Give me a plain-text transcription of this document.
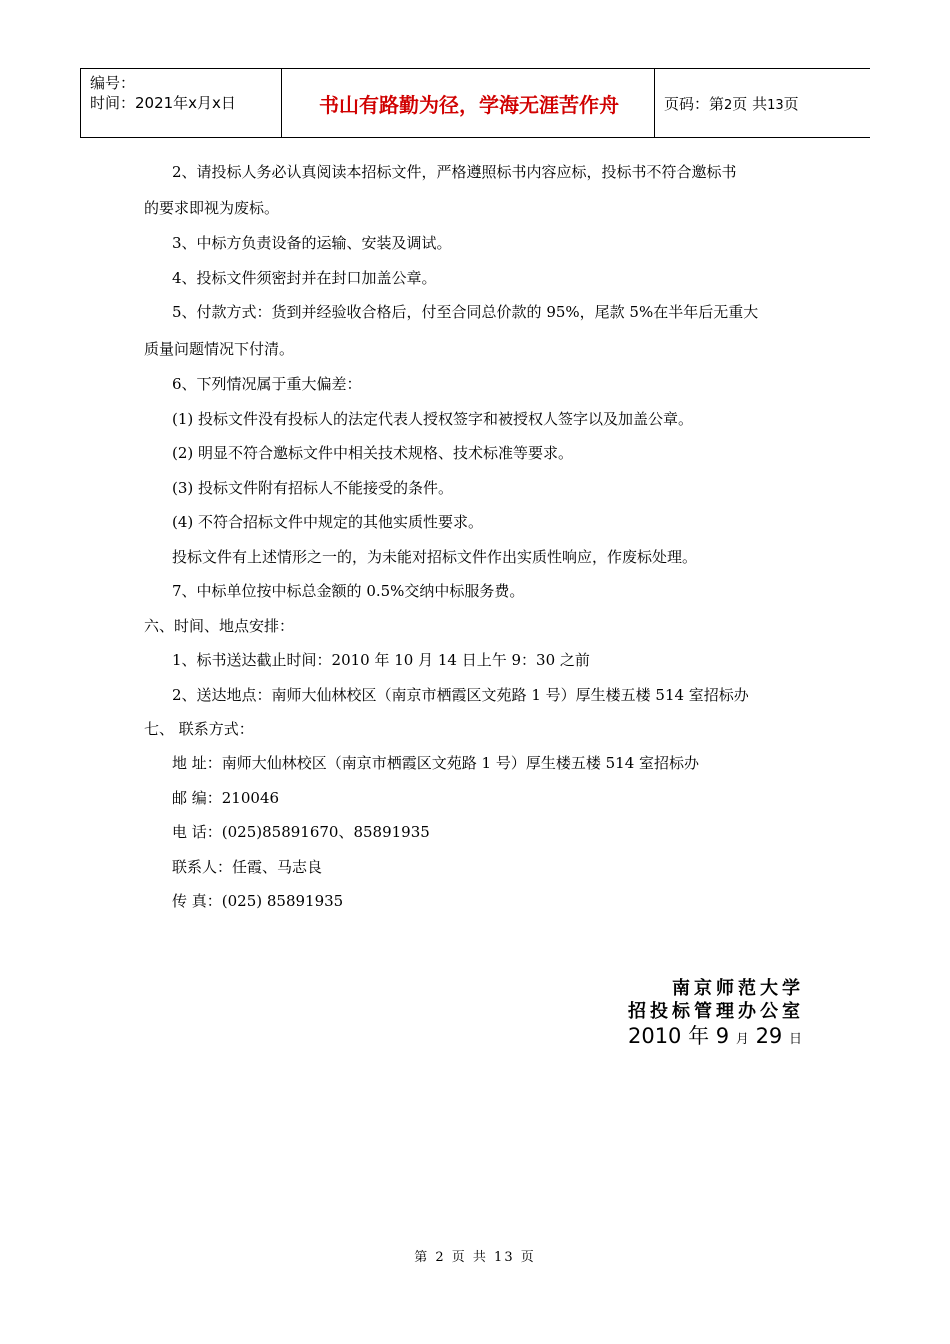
编号：
时间：2021年x月x日	书山有路勤为径，学海无涯苦作舟	页码：第2页 共13页
2、请投标人务必认真阅读本招标文件，严格遵照标书内容应标，投标书不符合邀标书
的要求即视为废标。
3、中标方负责设备的运输、安装及调试。
4、投标文件须密封并在封口加盖公章。
5、付款方式：货到并经验收合格后，付至合同总价款的 95%，尾款 5%在半年后无重大
质量问题情况下付清。
6、下列情况属于重大偏差：
(1) 投标文件没有投标人的法定代表人授权签字和被授权人签字以及加盖公章。
(2) 明显不符合邀标文件中相关技术规格、技术标准等要求。
(3) 投标文件附有招标人不能接受的条件。
(4) 不符合招标文件中规定的其他实质性要求。
投标文件有上述情形之一的，为未能对招标文件作出实质性响应，作废标处理。
7、中标单位按中标总金额的 0.5%交纳中标服务费。
六、时间、地点安排：
1、标书送达截止时间：2010 年 10 月 14 日上午 9：30 之前
2、送达地点：南师大仙林校区（南京市栖霞区文苑路 1 号）厚生楼五楼 514 室招标办
七、 联系方式：
地 址：南师大仙林校区（南京市栖霞区文苑路 1 号）厚生楼五楼 514 室招标办
邮 编：210046
电 话：(025)85891670、85891935
联系人：任霞、马志良
传 真：(025) 85891935
南京师范大学
招投标管理办公室
2010 年 9 月 29 日
第 2 页 共 13 页
